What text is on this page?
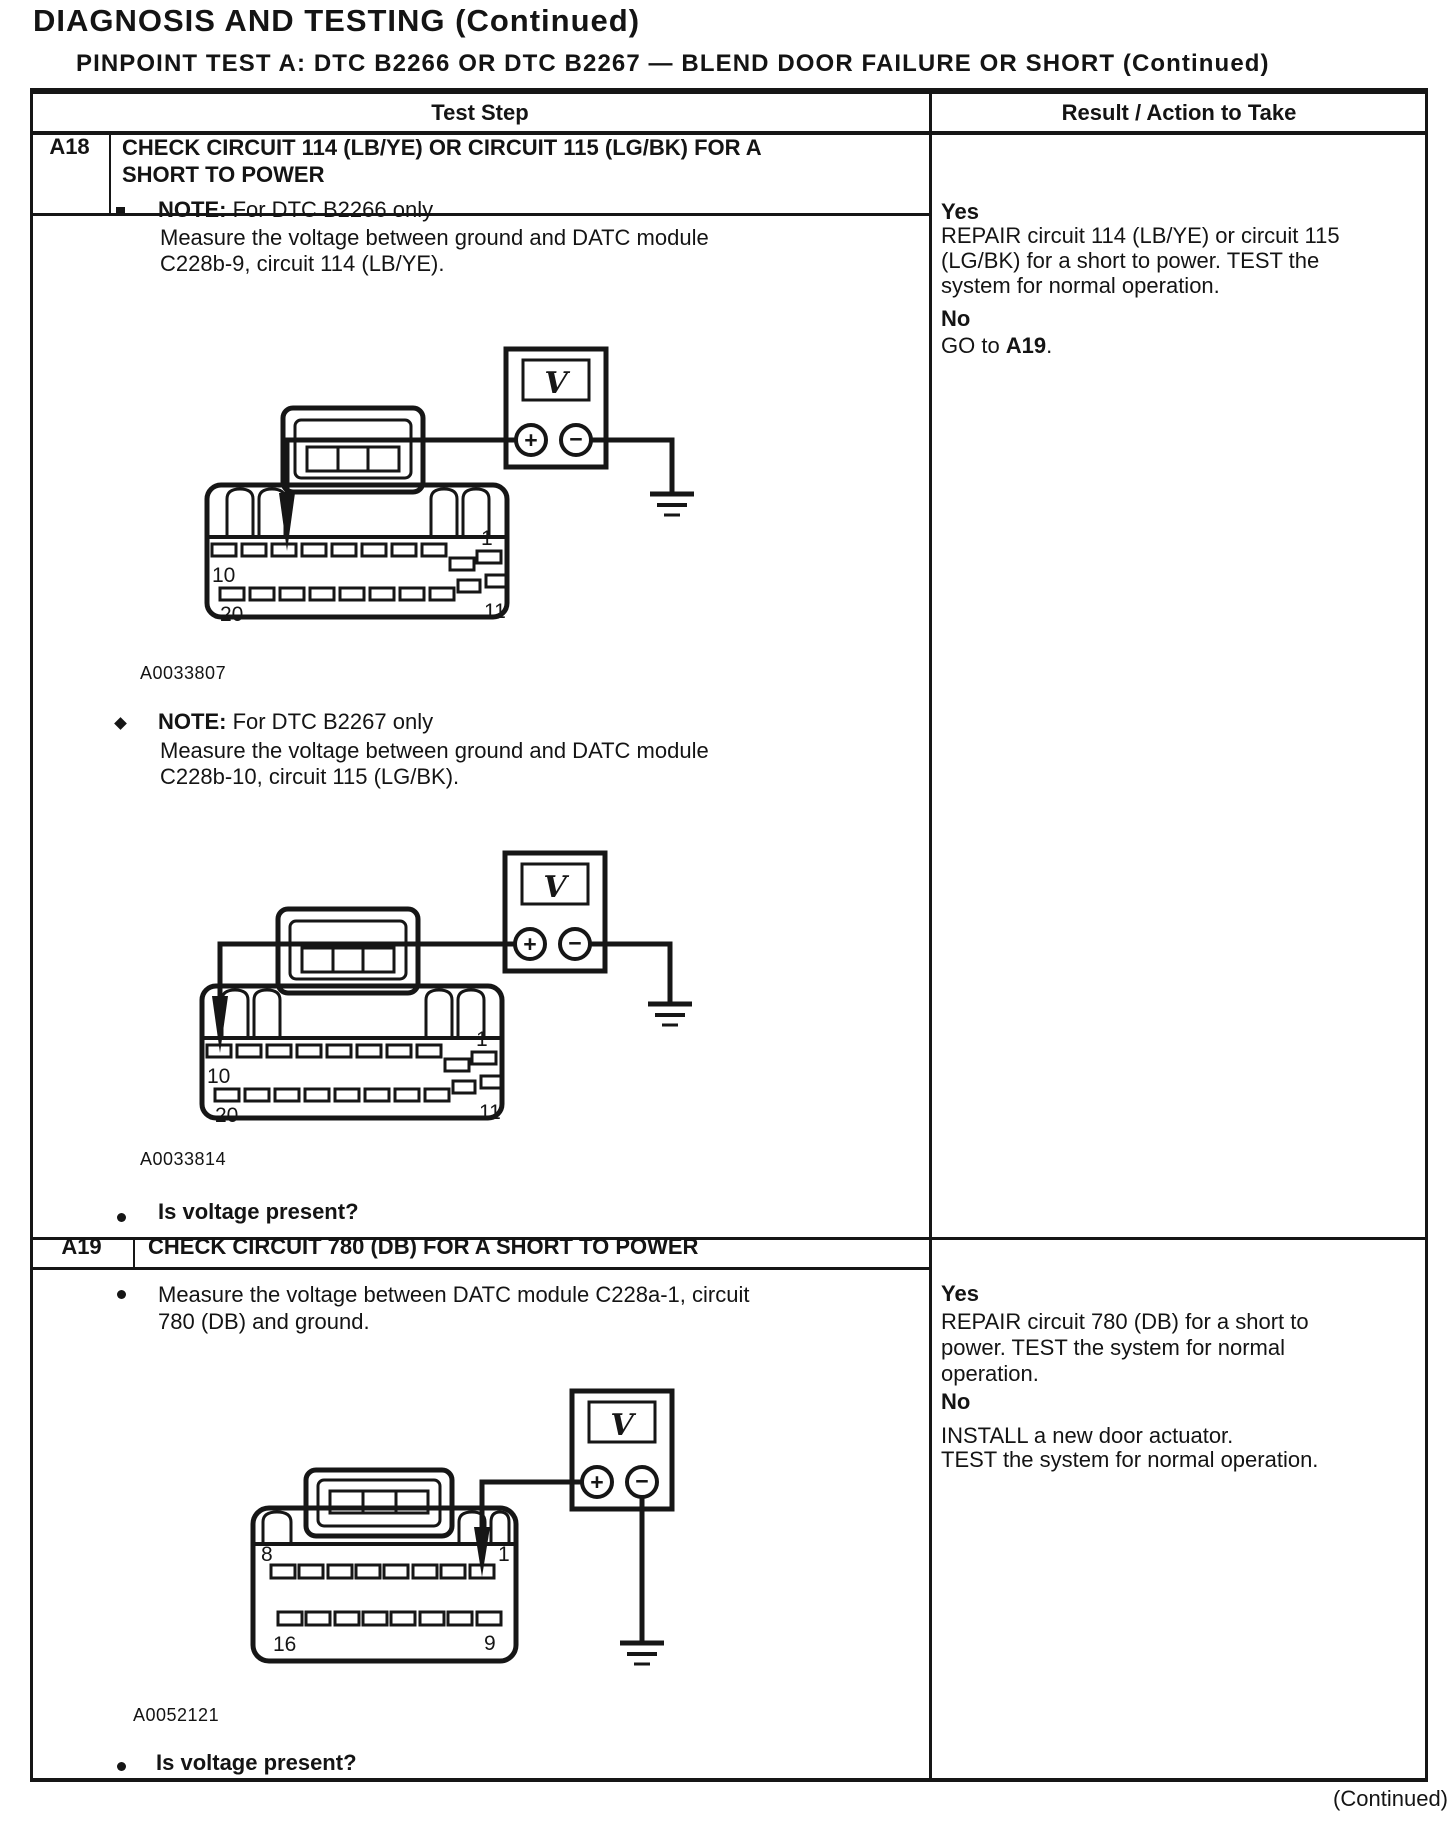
DIAGNOSIS AND TESTING (Continued)
PINPOINT TEST A: DTC B2266 OR DTC B2267 — BLEND DOOR FAILURE OR SHORT (Continued)
Test Step	Result / Action to Take
A18	CHECK CIRCUIT 114 (LB/YE) OR CIRCUIT 115 (LG/BK) FOR A
SHORT TO POWER
NOTE: For DTC B2266 only
Measure the voltage between ground and DATC module
C228b-9, circuit 114 (LB/YE).
A0033807
NOTE: For DTC B2267 only
Measure the voltage between ground and DATC module
C228b-10, circuit 115 (LG/BK).
A0033814
Is voltage present?
Yes
REPAIR circuit 114 (LB/YE) or circuit 115
(LG/BK) for a short to power. TEST the
system for normal operation.
No
GO to A19.
A19	CHECK CIRCUIT 780 (DB) FOR A SHORT TO POWER
Measure the voltage between DATC module C228a-1, circuit
780 (DB) and ground.
A0052121
Is voltage present?
Yes
REPAIR circuit 780 (DB) for a short to
power. TEST the system for normal
operation.
No
INSTALL a new door actuator.
TEST the system for normal operation.
(Continued)
